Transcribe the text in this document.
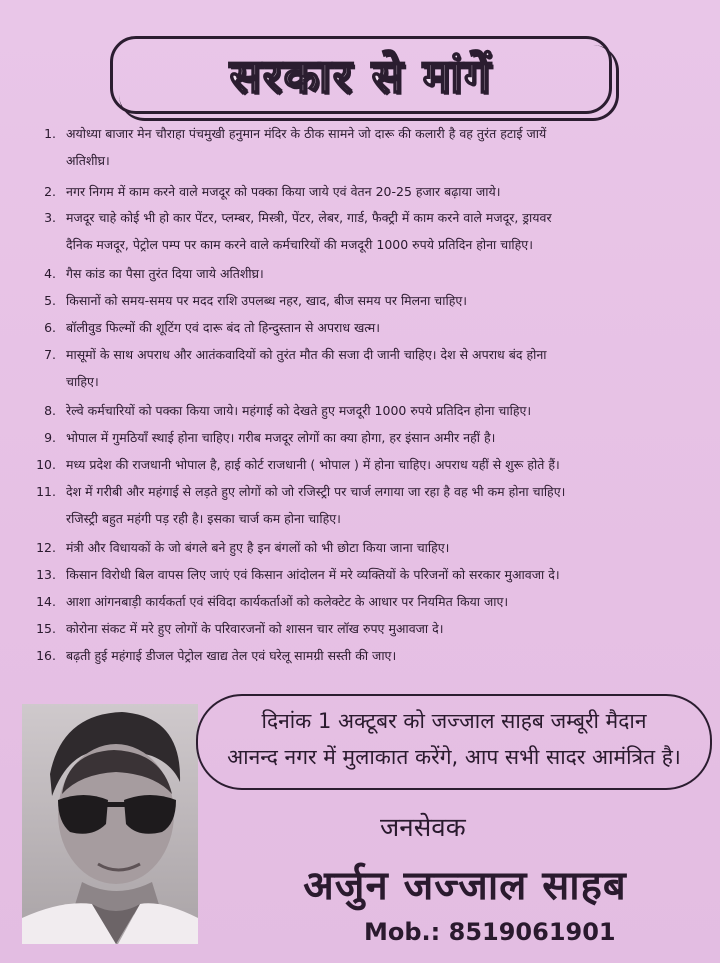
सरकार से मांगें
1. अयोध्या बाजार मेन चौराहा पंचमुखी हनुमान मंदिर के ठीक सामने जो दारू की कलारी है वह तुरंत हटाई जायें
अतिशीघ्र।
2. नगर निगम में काम करने वाले मजदूर को पक्का किया जाये एवं वेतन 20-25 हजार बढ़ाया जाये।
3. मजदूर चाहे कोई भी हो कार पेंटर, प्लम्बर, मिस्त्री, पेंटर, लेबर, गार्ड, फैक्ट्री में काम करने वाले मजदूर, ड्रायवर
दैनिक मजदूर, पेट्रोल पम्प पर काम करने वाले कर्मचारियों की मजदूरी 1000 रुपये प्रतिदिन होना चाहिए।
4. गैस कांड का पैसा तुरंत दिया जाये अतिशीघ्र।
5. किसानों को समय-समय पर मदद राशि उपलब्ध नहर, खाद, बीज समय पर मिलना चाहिए।
6. बॉलीवुड फिल्मों की शूटिंग एवं दारू बंद तो हिन्दुस्तान से अपराध खत्म।
7. मासूमों के साथ अपराध और आतंकवादियों को तुरंत मौत की सजा दी जानी चाहिए। देश से अपराध बंद होना
चाहिए।
8. रेल्वे कर्मचारियों को पक्का किया जाये। महंगाई को देखते हुए मजदूरी 1000 रुपये प्रतिदिन होना चाहिए।
9. भोपाल में गुमठियाँ स्थाई होना चाहिए। गरीब मजदूर लोगों का क्या होगा, हर इंसान अमीर नहीं है।
10. मध्य प्रदेश की राजधानी भोपाल है, हाई कोर्ट राजधानी ( भोपाल ) में होना चाहिए। अपराध यहीं से शुरू होते हैं।
11. देश में गरीबी और महंगाई से लड़ते हुए लोगों को जो रजिस्ट्री पर चार्ज लगाया जा रहा है वह भी कम होना चाहिए।
रजिस्ट्री बहुत महंगी पड़ रही है। इसका चार्ज कम होना चाहिए।
12. मंत्री और विधायकों के जो बंगले बने हुए है इन बंगलों को भी छोटा किया जाना चाहिए।
13. किसान विरोधी बिल वापस लिए जाएं एवं किसान आंदोलन में मरे व्यक्तियों के परिजनों को सरकार मुआवजा दे।
14. आशा आंगनबाड़ी कार्यकर्ता एवं संविदा कार्यकर्ताओं को कलेक्टेट के आधार पर नियमित किया जाए।
15. कोरोना संकट में मरे हुए लोगों के परिवारजनों को शासन चार लॉख रुपए मुआवजा दे।
16. बढ़ती हुई महंगाई डीजल पेट्रोल खाद्य तेल एवं घरेलू सामग्री सस्ती की जाए।
दिनांक 1 अक्टूबर को जज्जाल साहब जम्बूरी मैदान
आनन्द नगर में मुलाकात करेंगे, आप सभी सादर आमंत्रित है।
जनसेवक
अर्जुन जज्जाल साहब
Mob.: 8519061901
